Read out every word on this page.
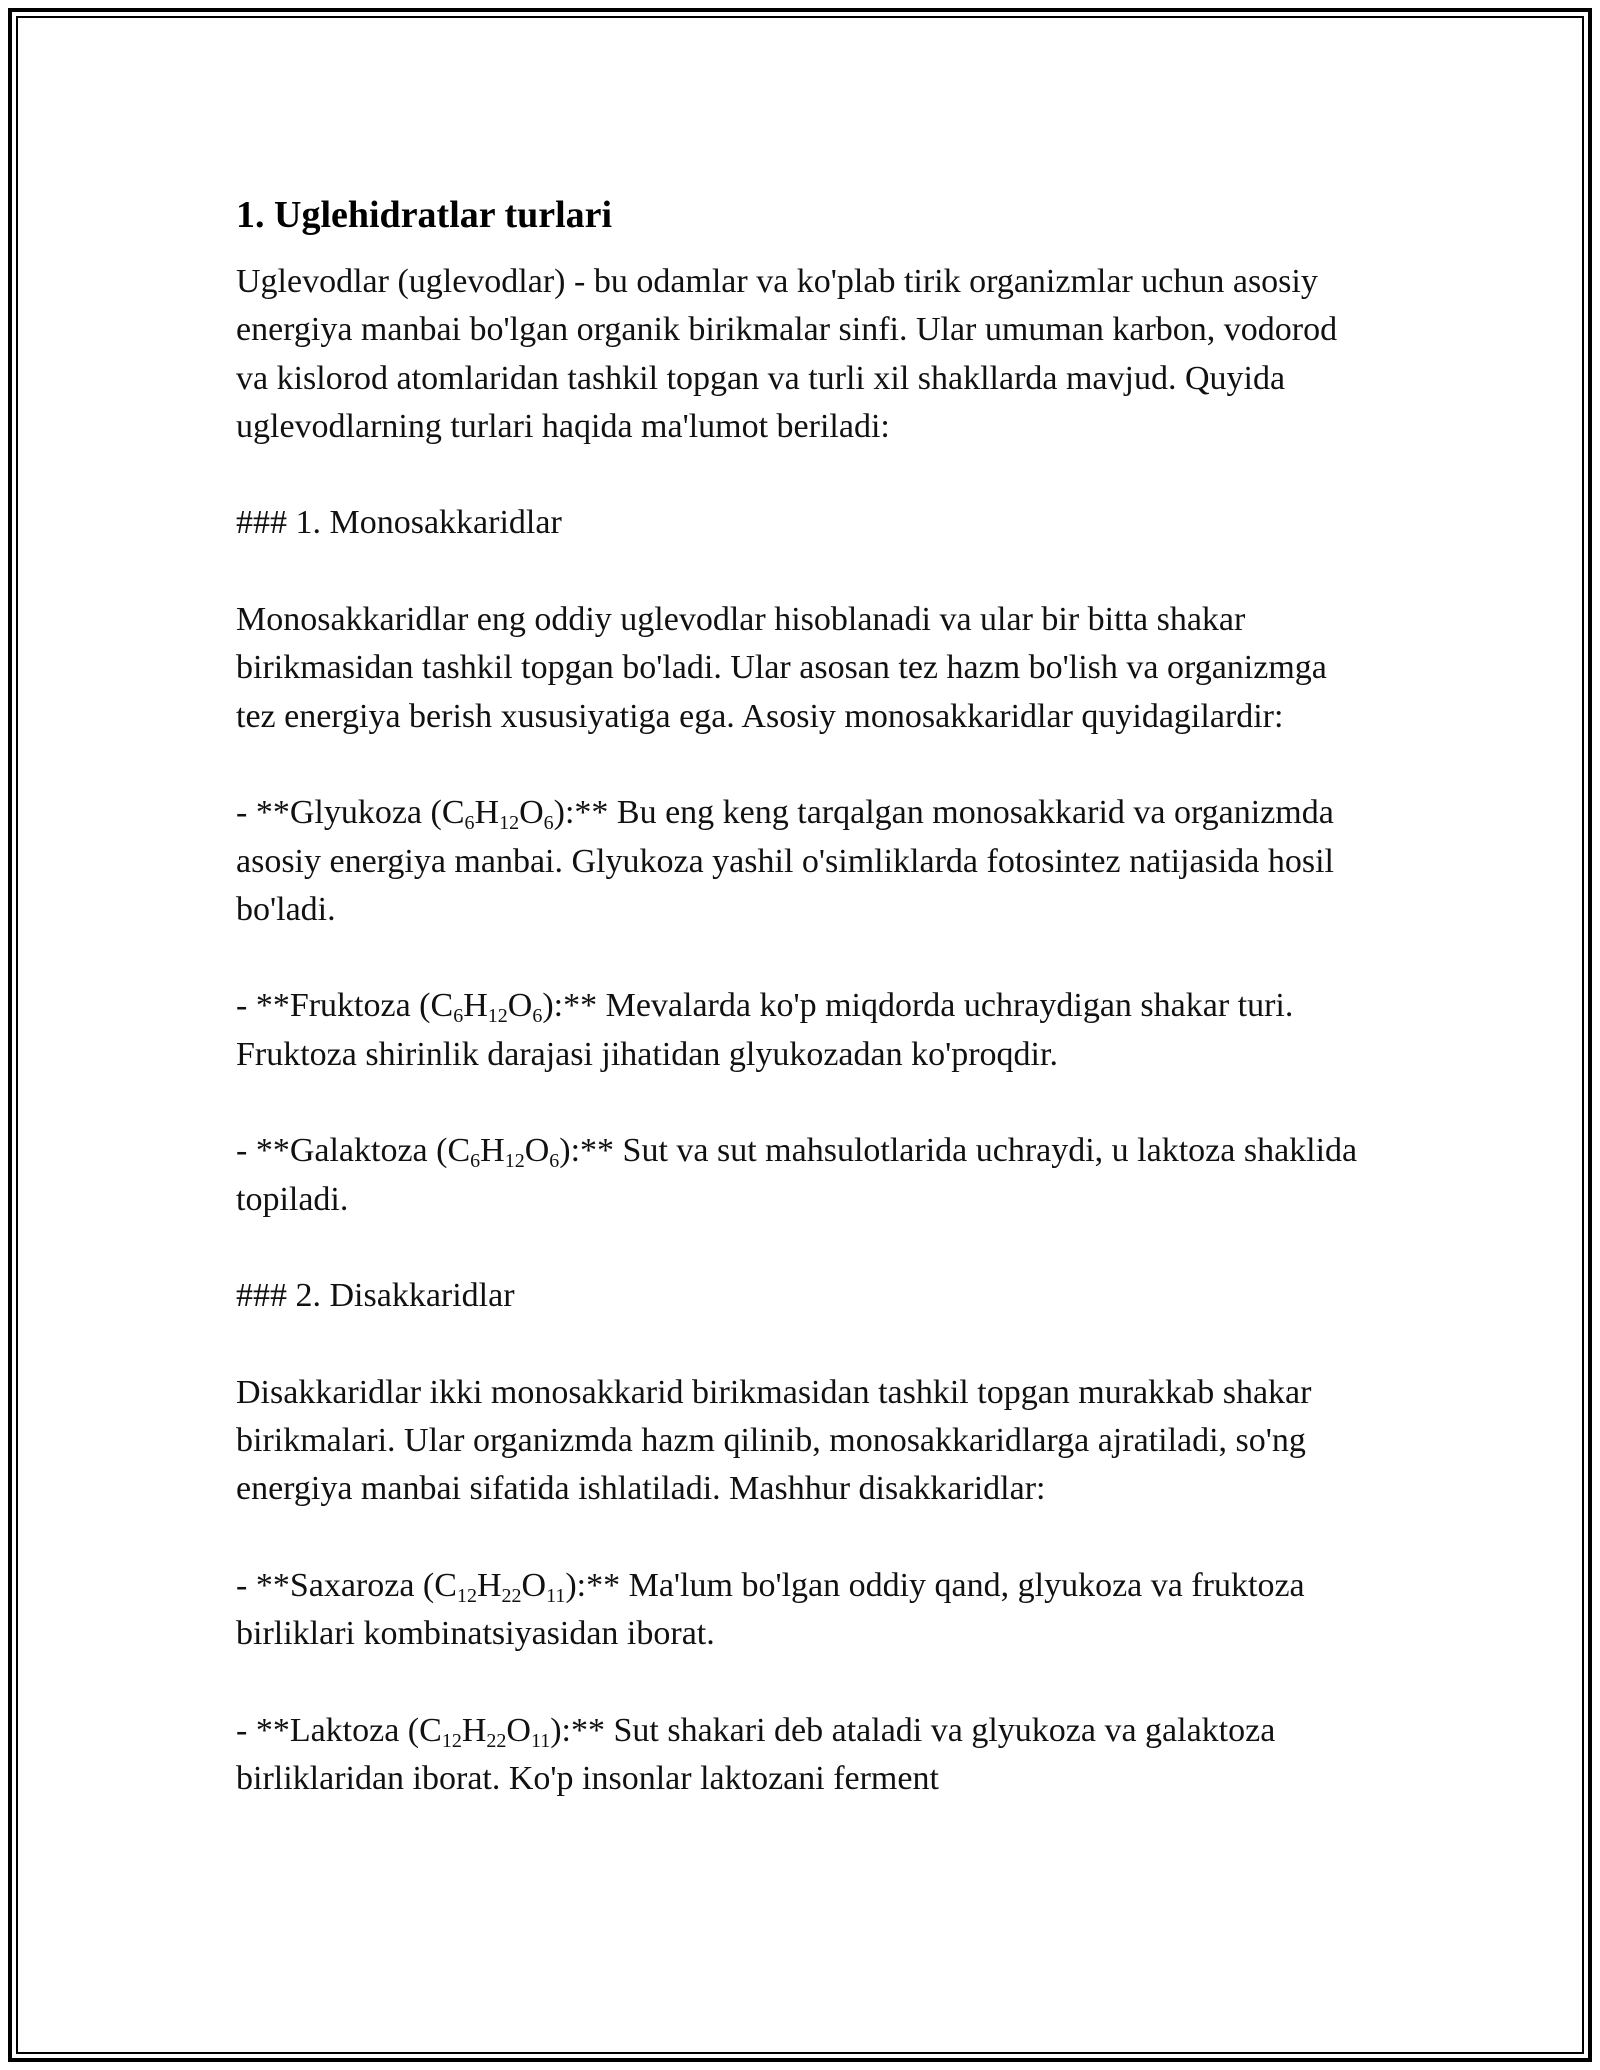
1. Uglehidratlar turlari

Uglevodlar (uglevodlar) - bu odamlar va ko'plab tirik organizmlar uchun asosiy energiya manbai bo'lgan organik birikmalar sinfi. Ular umuman karbon, vodorod va kislorod atomlaridan tashkil topgan va turli xil shakllarda mavjud. Quyida uglevodlarning turlari haqida ma'lumot beriladi:

### 1. Monosakkaridlar

Monosakkaridlar eng oddiy uglevodlar hisoblanadi va ular bir bitta shakar birikmasidan tashkil topgan bo'ladi. Ular asosan tez hazm bo'lish va organizmga tez energiya berish xususiyatiga ega. Asosiy monosakkaridlar quyidagilardir:

- **Glyukoza $(C_6H_{12}O_6):**$ Bu eng keng tarqalgan monosakkarid va organizmda asosiy energiya manbai. Glyukoza yashil o'simliklarda fotosintez natijasida hosil bo'ladi.

- **Fruktoza $(C_6H_{12}O_6):**$ Mevalarda ko'p miqdorda uchraydigan shakar turi. Fruktoza shirinlik darajasi jihatidan glyukozadan ko'proqdir.

- **Galaktoza $(C_6H_{12}O_6):**$ Sut va sut mahsulotlarida uchraydi, u laktoza shaklida topiladi.

### 2. Disakkaridlar

Disakkaridlar ikki monosakkarid birikmasidan tashkil topgan murakkab shakar birikmalari. Ular organizmda hazm qilinib, monosakkaridlarga ajratiladi, so'ng energiya manbai sifatida ishlatiladi. Mashhur disakkaridlar:

- **Saxaroza $(C_{12}H_{22}O_{11}):**$ Ma'lum bo'lgan oddiy qand, glyukoza va fruktoza birliklari kombinatsiyasidan iborat.

- **Laktoza $(C_{12}H_{22}O_{11}):**$ Sut shakari deb ataladi va glyukoza va galaktoza birliklaridan iborat. Ko'p insonlar laktozani ferment
